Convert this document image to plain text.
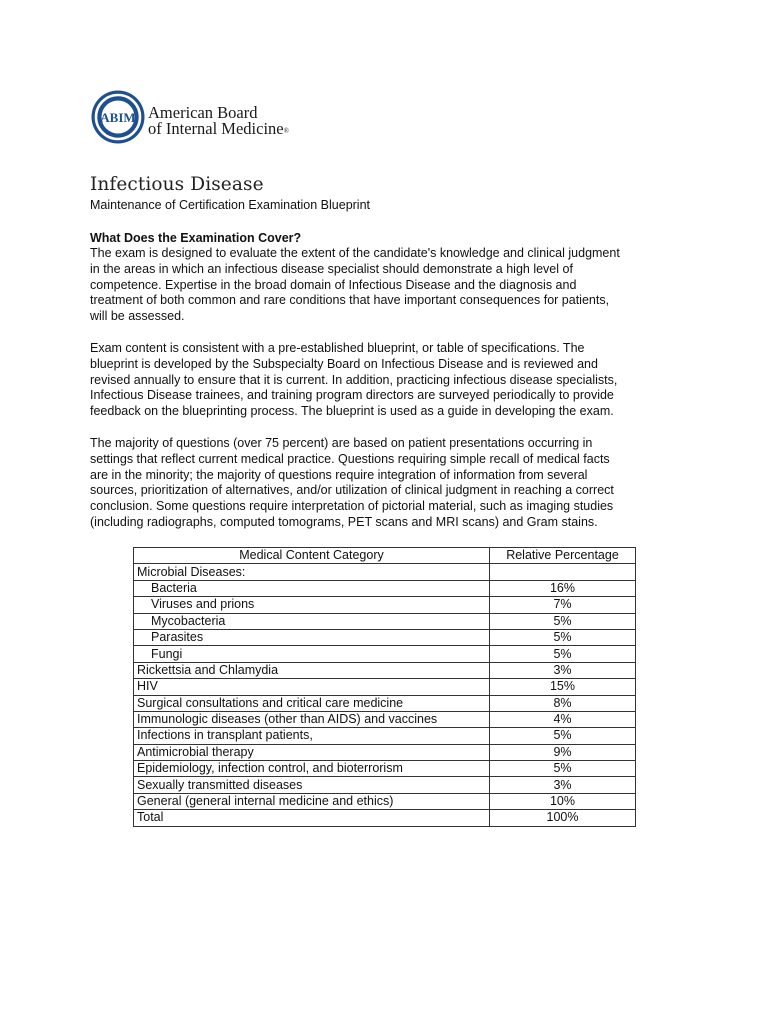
ABIM American Board
of Internal Medicine®
Infectious Disease
Maintenance of Certification Examination Blueprint
What Does the Examination Cover?

The exam is designed to evaluate the extent of the candidate's knowledge and clinical judgment
in the areas in which an infectious disease specialist should demonstrate a high level of
competence. Expertise in the broad domain of Infectious Disease and the diagnosis and
treatment of both common and rare conditions that have important consequences for patients,
will be assessed.

Exam content is consistent with a pre-established blueprint, or table of specifications. The
blueprint is developed by the Subspecialty Board on Infectious Disease and is reviewed and
revised annually to ensure that it is current. In addition, practicing infectious disease specialists,
Infectious Disease trainees, and training program directors are surveyed periodically to provide
feedback on the blueprinting process. The blueprint is used as a guide in developing the exam.

The majority of questions (over 75 percent) are based on patient presentations occurring in
settings that reflect current medical practice. Questions requiring simple recall of medical facts
are in the minority; the majority of questions require integration of information from several
sources, prioritization of alternatives, and/or utilization of clinical judgment in reaching a correct
conclusion. Some questions require interpretation of pictorial material, such as imaging studies
(including radiographs, computed tomograms, PET scans and MRI scans) and Gram stains.

Medical Content Category	Relative Percentage
Microbial Diseases:	
Bacteria	16%
Viruses and prions	7%
Mycobacteria	5%
Parasites	5%
Fungi	5%
Rickettsia and Chlamydia	3%
HIV	15%
Surgical consultations and critical care medicine	8%
Immunologic diseases (other than AIDS) and vaccines	4%
Infections in transplant patients,	5%
Antimicrobial therapy	9%
Epidemiology, infection control, and bioterrorism	5%
Sexually transmitted diseases	3%
General (general internal medicine and ethics)	10%
Total	100%
